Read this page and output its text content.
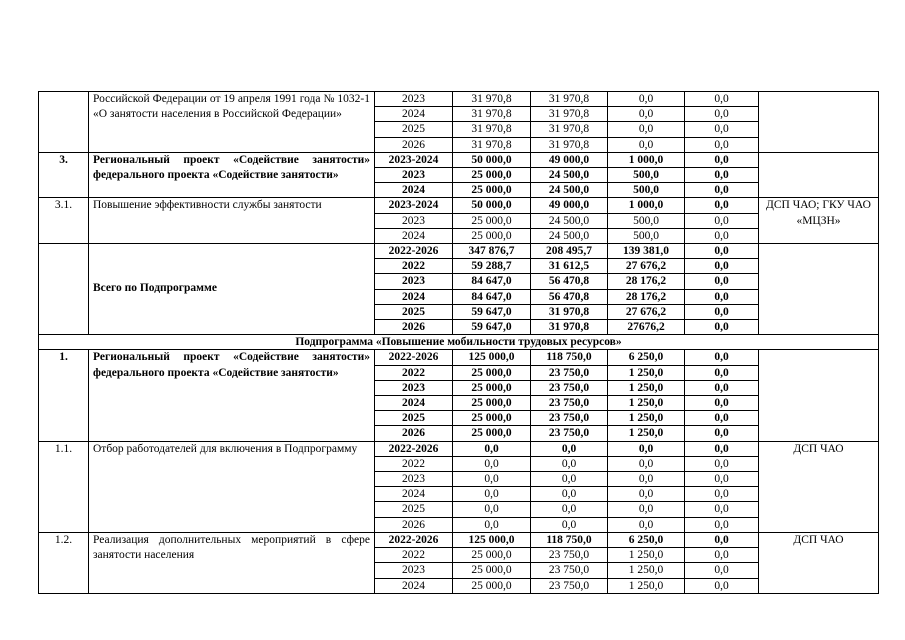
	Российской Федерации от 19 апреля 1991 года № 1032-1 «О занятости населения в Российской Федерации»	2023	31 970,8	31 970,8	0,0	0,0	
		2024	31 970,8	31 970,8	0,0	0,0	
		2025	31 970,8	31 970,8	0,0	0,0	
		2026	31 970,8	31 970,8	0,0	0,0	
3.	Региональный проект «Содействие занятости» федерального проекта «Содействие занятости»	2023-2024	50 000,0	49 000,0	1 000,0	0,0	
		2023	25 000,0	24 500,0	500,0	0,0	
		2024	25 000,0	24 500,0	500,0	0,0	
3.1.	Повышение эффективности службы занятости	2023-2024	50 000,0	49 000,0	1 000,0	0,0	ДСП ЧАО; ГКУ ЧАО «МЦЗН»
		2023	25 000,0	24 500,0	500,0	0,0	
		2024	25 000,0	24 500,0	500,0	0,0	
	Всего по Подпрограмме	2022-2026	347 876,7	208 495,7	139 381,0	0,0	
		2022	59 288,7	31 612,5	27 676,2	0,0	
		2023	84 647,0	56 470,8	28 176,2	0,0	
		2024	84 647,0	56 470,8	28 176,2	0,0	
		2025	59 647,0	31 970,8	27 676,2	0,0	
		2026	59 647,0	31 970,8	27676,2	0,0	
Подпрограмма «Повышение мобильности трудовых ресурсов»							
1.	Региональный проект «Содействие занятости» федерального проекта «Содействие занятости»	2022-2026	125 000,0	118 750,0	6 250,0	0,0	
		2022	25 000,0	23 750,0	1 250,0	0,0	
		2023	25 000,0	23 750,0	1 250,0	0,0	
		2024	25 000,0	23 750,0	1 250,0	0,0	
		2025	25 000,0	23 750,0	1 250,0	0,0	
		2026	25 000,0	23 750,0	1 250,0	0,0	
1.1.	Отбор работодателей для включения в Подпрограмму	2022-2026	0,0	0,0	0,0	0,0	ДСП ЧАО
		2022	0,0	0,0	0,0	0,0	
		2023	0,0	0,0	0,0	0,0	
		2024	0,0	0,0	0,0	0,0	
		2025	0,0	0,0	0,0	0,0	
		2026	0,0	0,0	0,0	0,0	
1.2.	Реализация дополнительных мероприятий в сфере занятости населения	2022-2026	125 000,0	118 750,0	6 250,0	0,0	ДСП ЧАО
		2022	25 000,0	23 750,0	1 250,0	0,0	
		2023	25 000,0	23 750,0	1 250,0	0,0	
		2024	25 000,0	23 750,0	1 250,0	0,0	
